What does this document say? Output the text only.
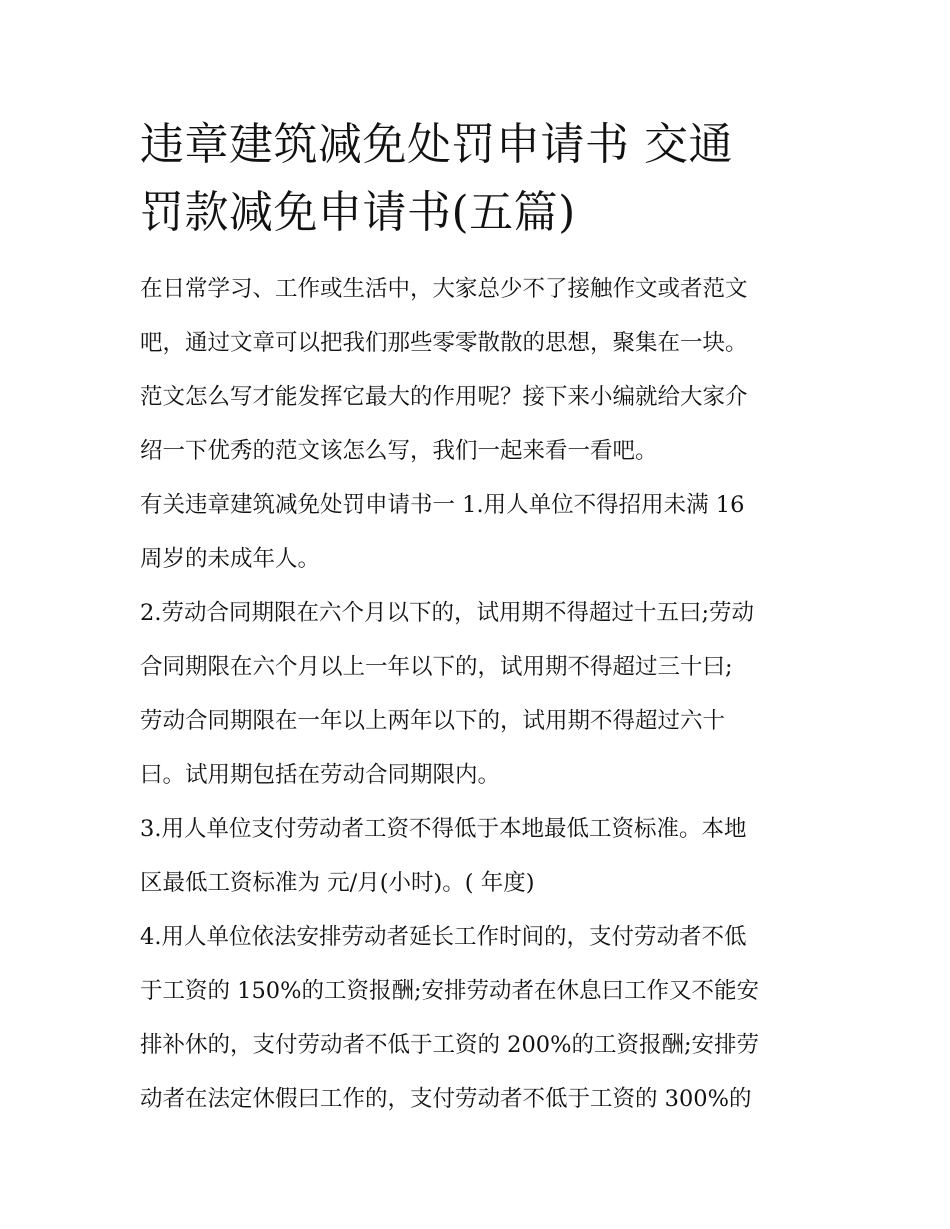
违章建筑减免处罚申请书 交通
罚款减免申请书(五篇)

在日常学习、工作或生活中，大家总少不了接触作文或者范文
吧，通过文章可以把我们那些零零散散的思想，聚集在一块。
范文怎么写才能发挥它最大的作用呢？接下来小编就给大家介
绍一下优秀的范文该怎么写，我们一起来看一看吧。

有关违章建筑减免处罚申请书一 1.用人单位不得招用未满 16
周岁的未成年人。

2.劳动合同期限在六个月以下的，试用期不得超过十五曰;劳动
合同期限在六个月以上一年以下的，试用期不得超过三十曰;
劳动合同期限在一年以上两年以下的，试用期不得超过六十
曰。试用期包括在劳动合同期限内。

3.用人单位支付劳动者工资不得低于本地最低工资标准。本地
区最低工资标准为 元/月(小时)。( 年度)

4.用人单位依法安排劳动者延长工作时间的，支付劳动者不低
于工资的 150%的工资报酬;安排劳动者在休息曰工作又不能安
排补休的，支付劳动者不低于工资的 200%的工资报酬;安排劳
动者在法定休假曰工作的，支付劳动者不低于工资的 300%的
